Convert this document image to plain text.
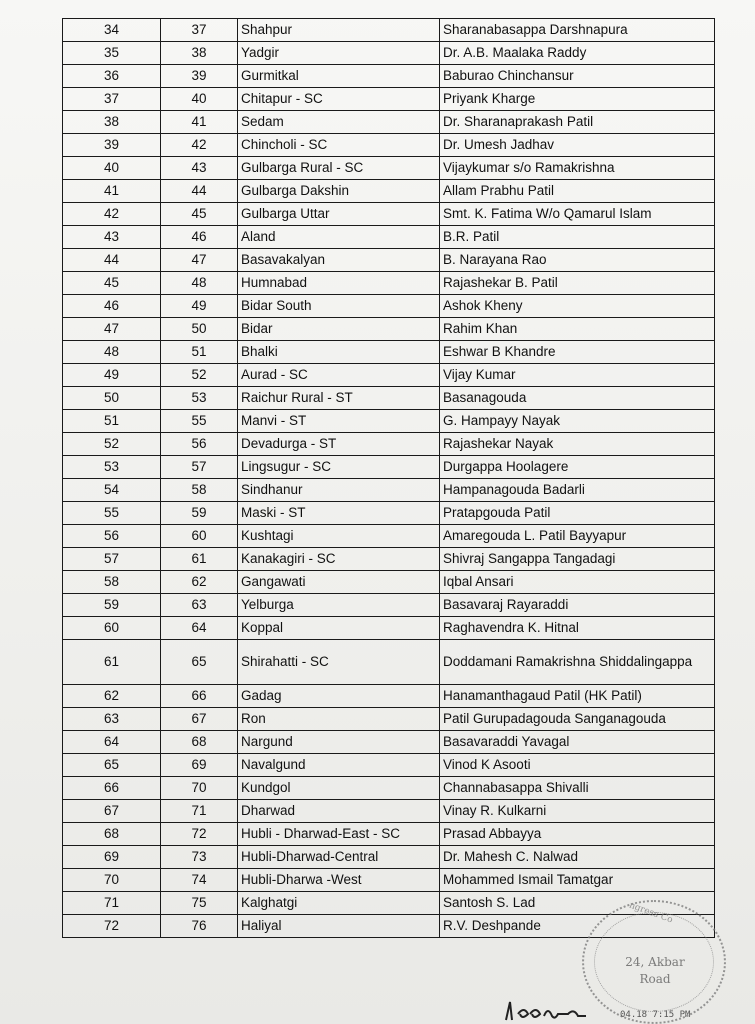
34	37	Shahpur	Sharanabasappa Darshnapura
35	38	Yadgir	Dr. A.B. Maalaka Raddy
36	39	Gurmitkal	Baburao Chinchansur
37	40	Chitapur - SC	Priyank Kharge
38	41	Sedam	Dr. Sharanaprakash Patil
39	42	Chincholi - SC	Dr. Umesh Jadhav
40	43	Gulbarga Rural - SC	Vijaykumar s/o Ramakrishna
41	44	Gulbarga Dakshin	Allam Prabhu Patil
42	45	Gulbarga Uttar	Smt. K. Fatima W/o Qamarul Islam
43	46	Aland	B.R. Patil
44	47	Basavakalyan	B. Narayana Rao
45	48	Humnabad	Rajashekar B. Patil
46	49	Bidar South	Ashok Kheny
47	50	Bidar	Rahim Khan
48	51	Bhalki	Eshwar B Khandre
49	52	Aurad - SC	Vijay Kumar
50	53	Raichur Rural - ST	Basanagouda
51	55	Manvi - ST	G. Hampayy Nayak
52	56	Devadurga - ST	Rajashekar Nayak
53	57	Lingsugur - SC	Durgappa Hoolagere
54	58	Sindhanur	Hampanagouda Badarli
55	59	Maski - ST	Pratapgouda Patil
56	60	Kushtagi	Amaregouda L. Patil Bayyapur
57	61	Kanakagiri - SC	Shivraj Sangappa Tangadagi
58	62	Gangawati	Iqbal Ansari
59	63	Yelburga	Basavaraj Rayaraddi
60	64	Koppal	Raghavendra K. Hitnal
61	65	Shirahatti - SC	Doddamani Ramakrishna Shiddalingappa
62	66	Gadag	Hanamanthagaud Patil (HK Patil)
63	67	Ron	Patil Gurupadagouda Sanganagouda
64	68	Nargund	Basavaraddi Yavagal
65	69	Navalgund	Vinod K Asooti
66	70	Kundgol	Channabasappa Shivalli
67	71	Dharwad	Vinay R. Kulkarni
68	72	Hubli - Dharwad-East - SC	Prasad Abbayya
69	73	Hubli-Dharwad-Central	Dr. Mahesh C. Nalwad
70	74	Hubli-Dharwa -West	Mohammed Ismail Tamatgar
71	75	Kalghatgi	Santosh S. Lad
72	76	Haliyal	R.V. Deshpande
ngress Co
24, Akbar
Road
04.18 7:15 PM
